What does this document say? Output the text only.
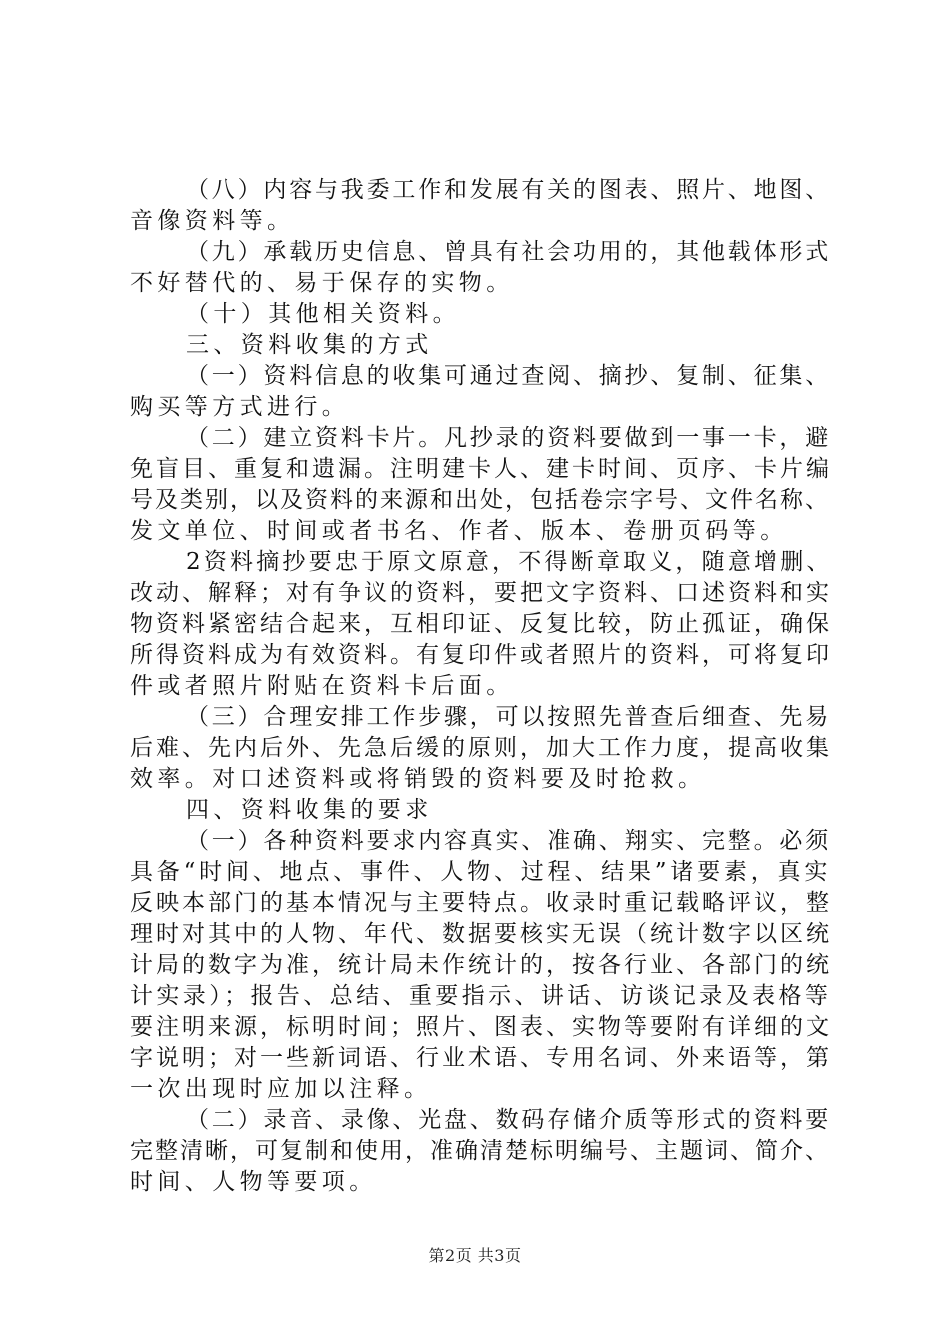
（八）内容与我委工作和发展有关的图表、照片、地图、
音像资料等。
（九）承载历史信息、曾具有社会功用的，其他载体形式
不好替代的、易于保存的实物。
（十）其他相关资料。
三、资料收集的方式
（一）资料信息的收集可通过查阅、摘抄、复制、征集、
购买等方式进行。
（二）建立资料卡片。凡抄录的资料要做到一事一卡，避
免盲目、重复和遗漏。注明建卡人、建卡时间、页序、卡片编
号及类别，以及资料的来源和出处，包括卷宗字号、文件名称、
发文单位、时间或者书名、作者、版本、卷册页码等。
2资料摘抄要忠于原文原意，不得断章取义，随意增删、
改动、解释；对有争议的资料，要把文字资料、口述资料和实
物资料紧密结合起来，互相印证、反复比较，防止孤证，确保
所得资料成为有效资料。有复印件或者照片的资料，可将复印
件或者照片附贴在资料卡后面。
（三）合理安排工作步骤，可以按照先普查后细查、先易
后难、先内后外、先急后缓的原则，加大工作力度，提高收集
效率。对口述资料或将销毁的资料要及时抢救。
四、资料收集的要求
（一）各种资料要求内容真实、准确、翔实、完整。必须
具备“时间、地点、事件、人物、过程、结果”诸要素，真实
反映本部门的基本情况与主要特点。收录时重记载略评议，整
理时对其中的人物、年代、数据要核实无误（统计数字以区统
计局的数字为准，统计局未作统计的，按各行业、各部门的统
计实录）；报告、总结、重要指示、讲话、访谈记录及表格等
要注明来源，标明时间；照片、图表、实物等要附有详细的文
字说明；对一些新词语、行业术语、专用名词、外来语等，第
一次出现时应加以注释。
（二）录音、录像、光盘、数码存储介质等形式的资料要
完整清晰，可复制和使用，准确清楚标明编号、主题词、简介、
时间、人物等要项。
第2页 共3页
